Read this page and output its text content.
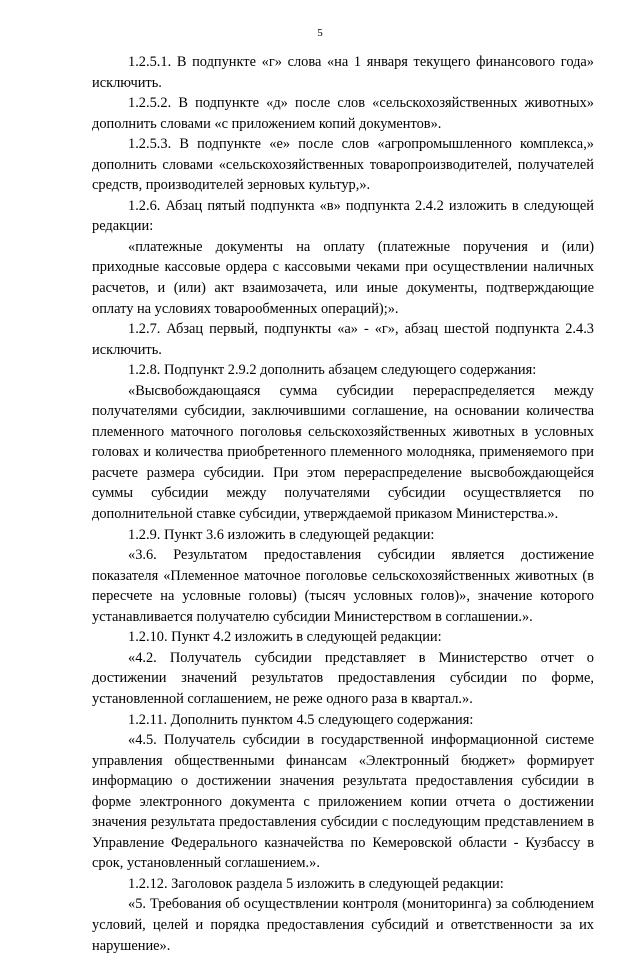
5

1.2.5.1. В подпункте «г» слова «на 1 января текущего финансового года» исключить.

1.2.5.2. В подпункте «д» после слов «сельскохозяйственных животных» дополнить словами «с приложением копий документов».

1.2.5.3. В подпункте «е» после слов «агропромышленного комплекса,» дополнить словами «сельскохозяйственных товаропроизводителей, получателей средств, производителей зерновых культур,».

1.2.6. Абзац пятый подпункта «в» подпункта 2.4.2 изложить в следующей редакции:

«платежные документы на оплату (платежные поручения и (или) приходные кассовые ордера с кассовыми чеками при осуществлении наличных расчетов, и (или) акт взаимозачета, или иные документы, подтверждающие оплату на условиях товарообменных операций);».

1.2.7. Абзац первый, подпункты «а» - «г», абзац шестой подпункта 2.4.3 исключить.

1.2.8. Подпункт 2.9.2 дополнить абзацем следующего содержания:

«Высвобождающаяся сумма субсидии перераспределяется между получателями субсидии, заключившими соглашение, на основании количества племенного маточного поголовья сельскохозяйственных животных в условных головах и количества приобретенного племенного молодняка, применяемого при расчете размера субсидии. При этом перераспределение высвобождающейся суммы субсидии между получателями субсидии осуществляется по дополнительной ставке субсидии, утверждаемой приказом Министерства.».

1.2.9. Пункт 3.6 изложить в следующей редакции:

«3.6. Результатом предоставления субсидии является достижение показателя «Племенное маточное поголовье сельскохозяйственных животных (в пересчете на условные головы) (тысяч условных голов)», значение которого устанавливается получателю субсидии Министерством в соглашении.».

1.2.10. Пункт 4.2 изложить в следующей редакции:

«4.2. Получатель субсидии представляет в Министерство отчет о достижении значений результатов предоставления субсидии по форме, установленной соглашением, не реже одного раза в квартал.».

1.2.11. Дополнить пунктом 4.5 следующего содержания:

«4.5. Получатель субсидии в государственной информационной системе управления общественными финансам «Электронный бюджет» формирует информацию о достижении значения результата предоставления субсидии в форме электронного документа с приложением копии отчета о достижении значения результата предоставления субсидии с последующим представлением в Управление Федерального казначейства по Кемеровской области - Кузбассу в срок, установленный соглашением.».

1.2.12. Заголовок раздела 5 изложить в следующей редакции:

«5. Требования об осуществлении контроля (мониторинга) за соблюдением условий, целей и порядка предоставления субсидий и ответственности за их нарушение».
